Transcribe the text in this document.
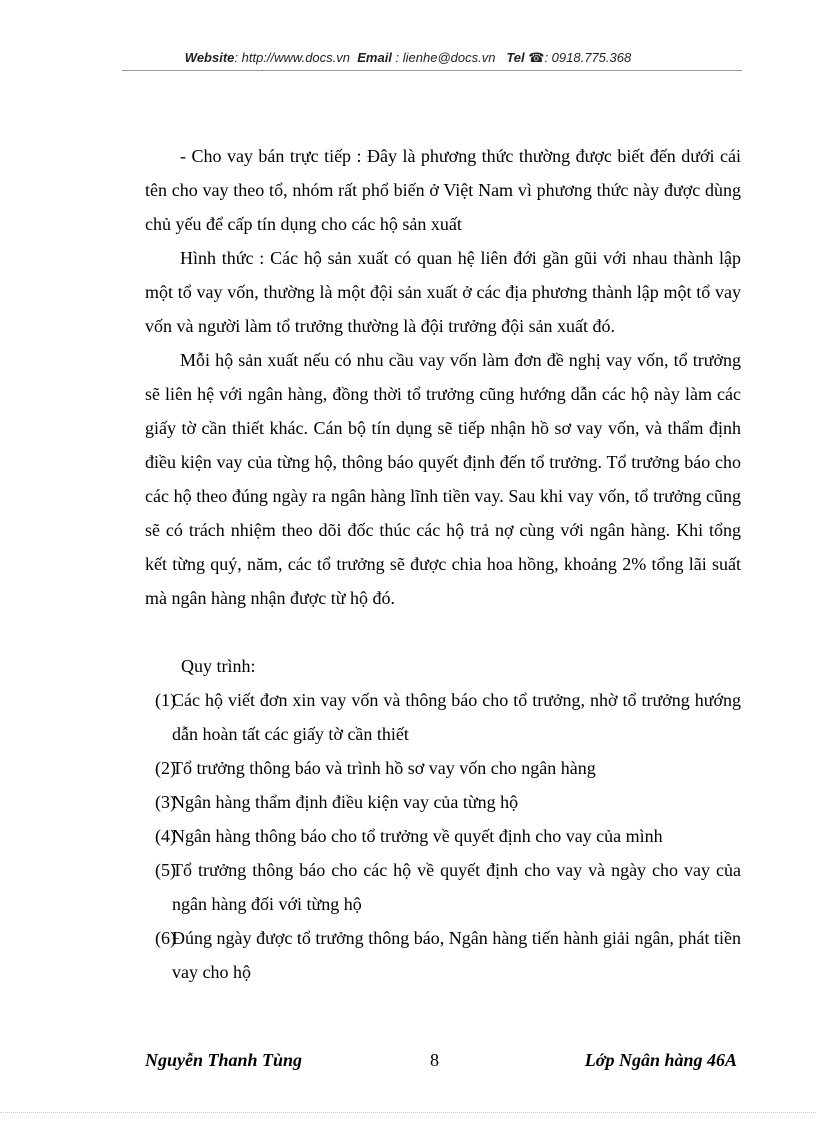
Website: http://www.docs.vn Email : lienhe@docs.vn Tel ☎: 0918.775.368

- Cho vay bán trực tiếp : Đây là phương thức thường được biết đến dưới cái tên cho vay theo tổ, nhóm rất phổ biến ở Việt Nam vì phương thức này được dùng chủ yếu để cấp tín dụng cho các hộ sản xuất

Hình thức : Các hộ sản xuất có quan hệ liên đới gần gũi với nhau thành lập một tổ vay vốn, thường là một đội sản xuất ở các địa phương thành lập một tổ vay vốn và người làm tổ trưởng thường là đội trưởng đội sản xuất đó.

Mỗi hộ sản xuất nếu có nhu cầu vay vốn làm đơn đề nghị vay vốn, tổ trưởng sẽ liên hệ với ngân hàng, đồng thời tổ trưởng cũng hướng dẫn các hộ này làm các giấy tờ cần thiết khác. Cán bộ tín dụng sẽ tiếp nhận hồ sơ vay vốn, và thẩm định điều kiện vay của từng hộ, thông báo quyết định đến tổ trưởng. Tổ trưởng báo cho các hộ theo đúng ngày ra ngân hàng lĩnh tiền vay. Sau khi vay vốn, tổ trưởng cũng sẽ có trách nhiệm theo dõi đốc thúc các hộ trả nợ cùng với ngân hàng. Khi tổng kết từng quý, năm, các tổ trưởng sẽ được chia hoa hồng, khoảng 2% tổng lãi suất mà ngân hàng nhận được từ hộ đó.

Quy trình:

(1)
Các hộ viết đơn xin vay vốn và thông báo cho tổ trưởng, nhờ tổ trưởng hướng dẫn hoàn tất các giấy tờ cần thiết
(2)
Tổ trưởng thông báo và trình hồ sơ vay vốn cho ngân hàng
(3)
Ngân hàng thẩm định điều kiện vay của từng hộ
(4)
Ngân hàng thông báo cho tổ trưởng về quyết định cho vay của mình
(5)
Tổ trưởng thông báo cho các hộ về quyết định cho vay và ngày cho vay của ngân hàng đối với từng hộ
(6)
Đúng ngày được tổ trưởng thông báo, Ngân hàng tiến hành giải ngân, phát tiền vay cho hộ
Nguyễn Thanh Tùng	8	Lớp Ngân hàng 46A
